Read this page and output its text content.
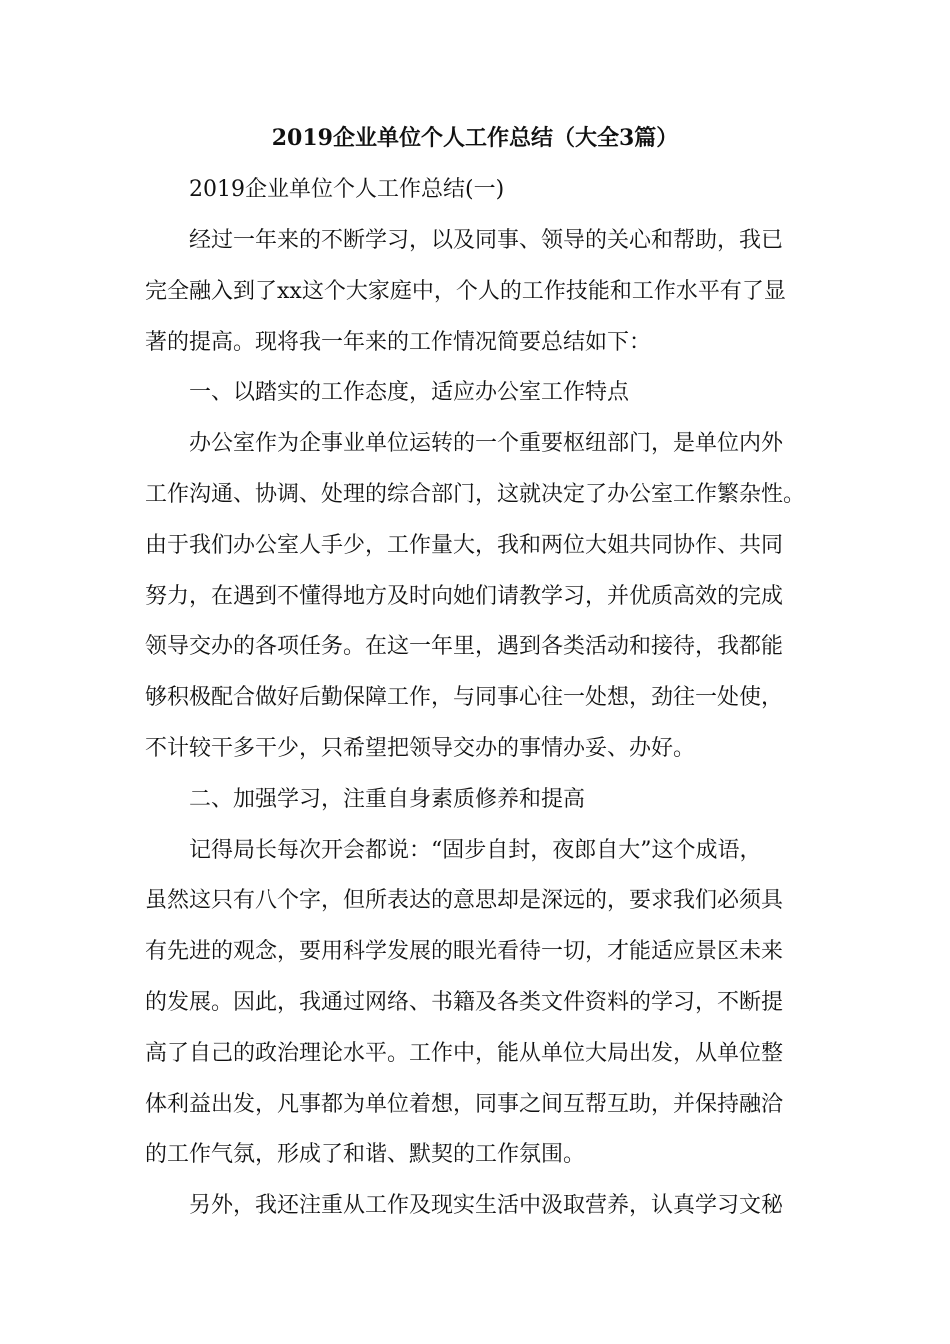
2019企业单位个人工作总结（大全3篇）
2019企业单位个人工作总结(一)
经过一年来的不断学习，以及同事、领导的关心和帮助，我已
完全融入到了xx这个大家庭中，个人的工作技能和工作水平有了显
著的提高。现将我一年来的工作情况简要总结如下：
一、以踏实的工作态度，适应办公室工作特点
办公室作为企事业单位运转的一个重要枢纽部门，是单位内外
工作沟通、协调、处理的综合部门，这就决定了办公室工作繁杂性。
由于我们办公室人手少，工作量大，我和两位大姐共同协作、共同
努力，在遇到不懂得地方及时向她们请教学习，并优质高效的完成
领导交办的各项任务。在这一年里，遇到各类活动和接待，我都能
够积极配合做好后勤保障工作，与同事心往一处想，劲往一处使，
不计较干多干少，只希望把领导交办的事情办妥、办好。
二、加强学习，注重自身素质修养和提高
记得局长每次开会都说：“固步自封，夜郎自大”这个成语，
虽然这只有八个字，但所表达的意思却是深远的，要求我们必须具
有先进的观念，要用科学发展的眼光看待一切，才能适应景区未来
的发展。因此，我通过网络、书籍及各类文件资料的学习，不断提
高了自己的政治理论水平。工作中，能从单位大局出发，从单位整
体利益出发，凡事都为单位着想，同事之间互帮互助，并保持融洽
的工作气氛，形成了和谐、默契的工作氛围。
另外，我还注重从工作及现实生活中汲取营养，认真学习文秘
